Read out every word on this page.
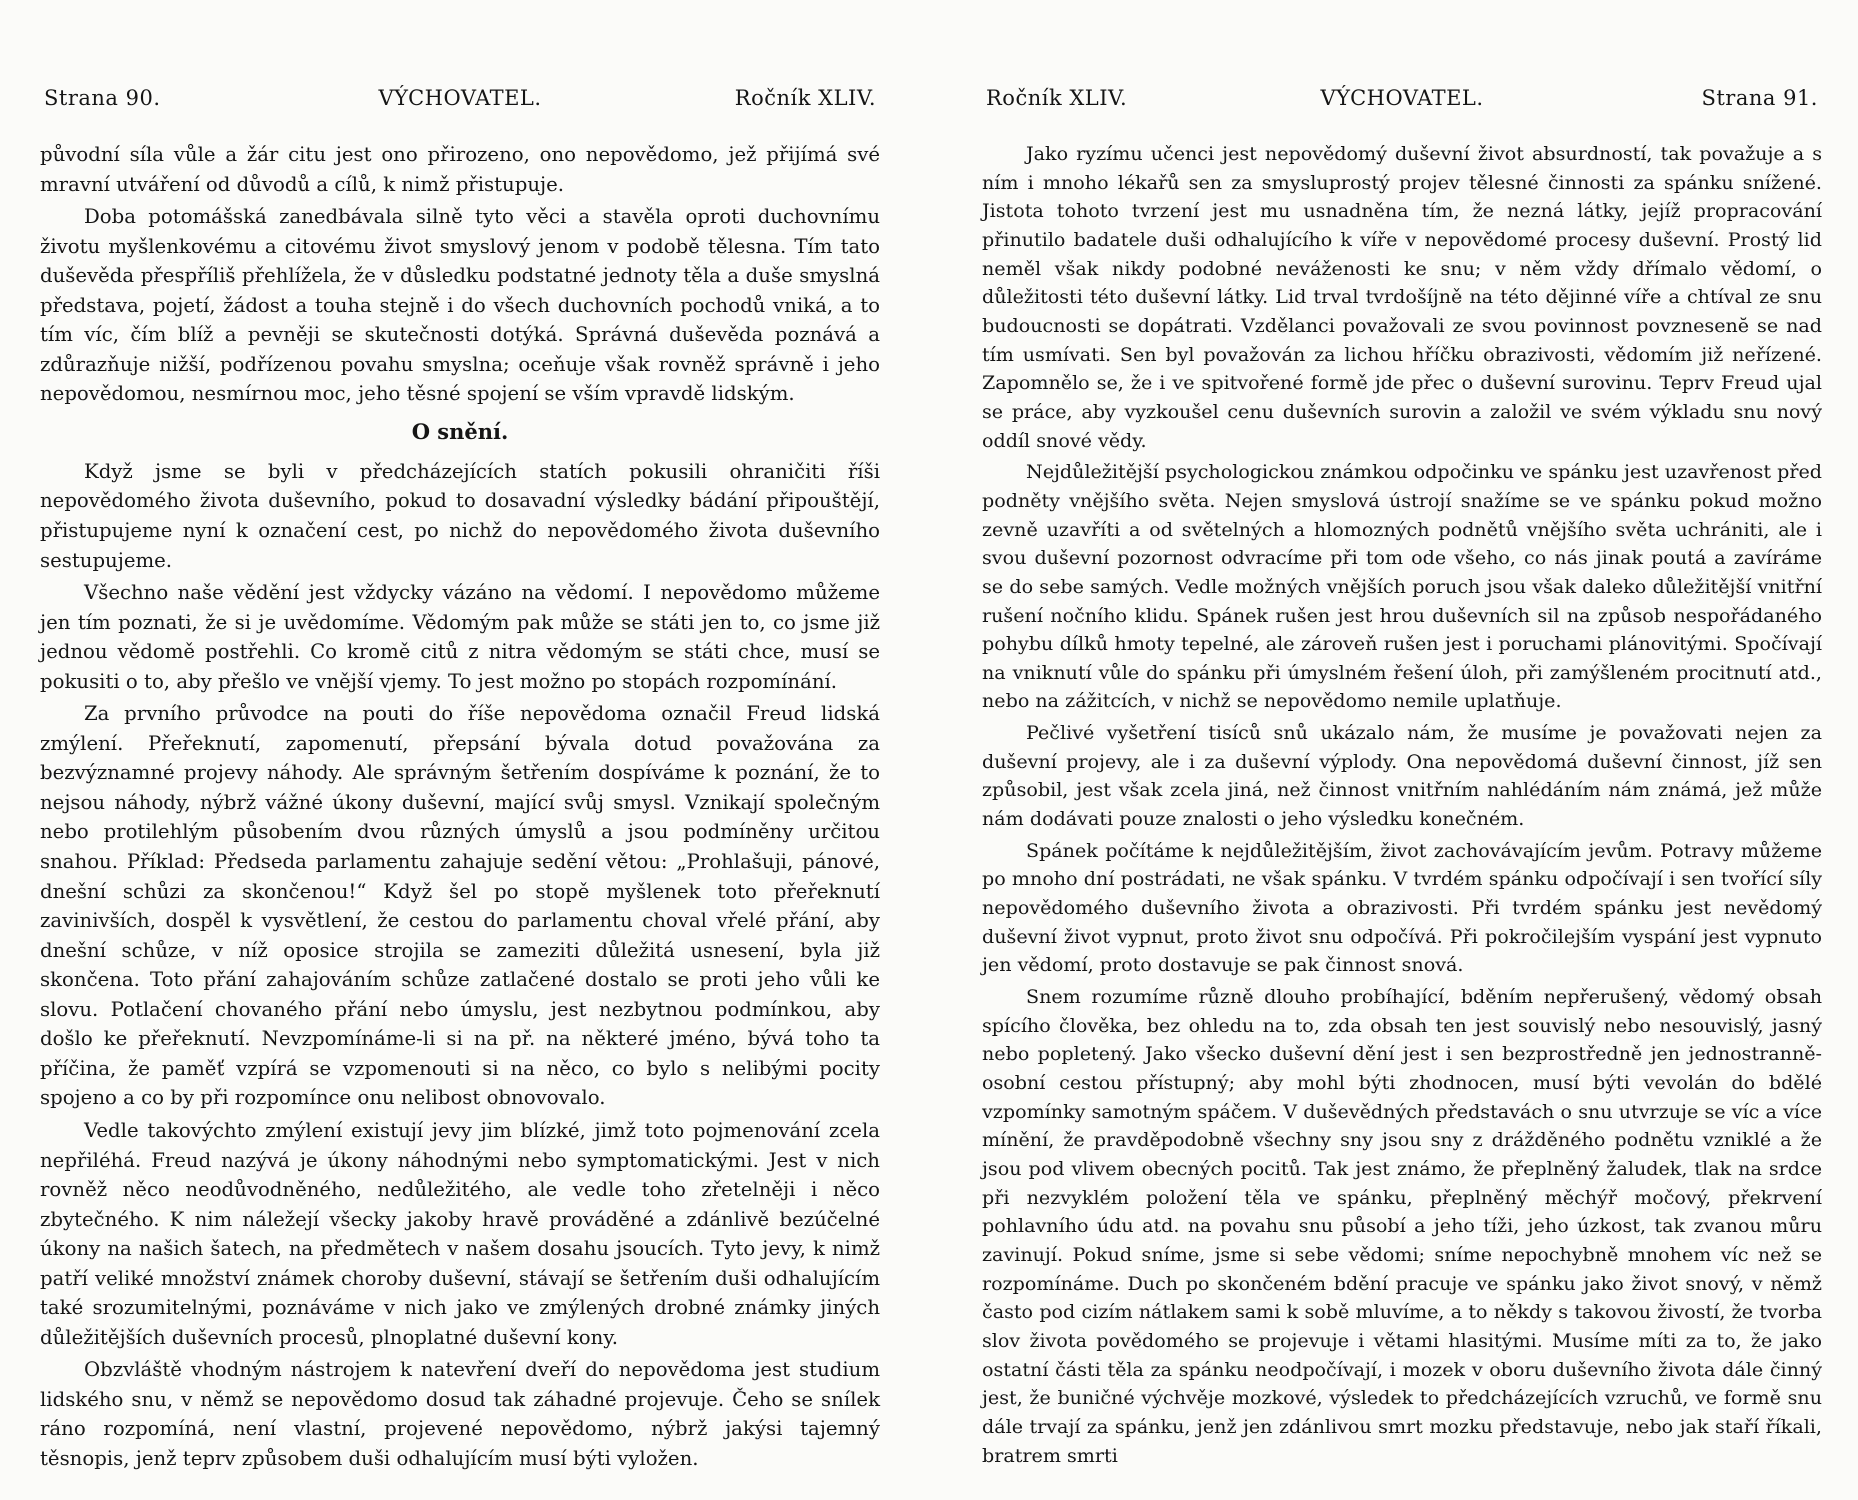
Strana 90.	VÝCHOVATEL.	Ročník XLIV.

původní síla vůle a žár citu jest ono přirozeno, ono nepovědomo, jež přijímá své mravní utváření od důvodů a cílů, k nimž přistupuje.

Doba potomášská zanedbávala silně tyto věci a stavěla oproti duchovnímu životu myšlenkovému a citovému život smyslový jenom v podobě tělesna. Tím tato duševěda přespříliš přehlížela, že v důsledku podstatné jednoty těla a duše smyslná představa, pojetí, žádost a touha stejně i do všech duchovních pochodů vniká, a to tím víc, čím blíž a pevněji se skutečnosti dotýká. Správná duševěda poznává a zdůrazňuje nižší, podřízenou povahu smyslna; oceňuje však rovněž správně i jeho nepovědomou, nesmírnou moc, jeho těsné spojení se vším vpravdě lidským.

O snění.

Když jsme se byli v předcházejících statích pokusili ohraničiti říši nepovědomého života duševního, pokud to dosavadní výsledky bádání připouštějí, přistupujeme nyní k označení cest, po nichž do nepovědomého života duševního sestupujeme.

Všechno naše vědění jest vždycky vázáno na vědomí. I nepovědomo můžeme jen tím poznati, že si je uvědomíme. Vědomým pak může se státi jen to, co jsme již jednou vědomě postřehli. Co kromě citů z nitra vědomým se státi chce, musí se pokusiti o to, aby přešlo ve vnější vjemy. To jest možno po stopách rozpomínání.

Za prvního průvodce na pouti do říše nepovědoma označil Freud lidská zmýlení. Přeřeknutí, zapomenutí, přepsání bývala dotud považována za bezvýznamné projevy náhody. Ale správným šetřením dospíváme k poznání, že to nejsou náhody, nýbrž vážné úkony duševní, mající svůj smysl. Vznikají společným nebo protilehlým působením dvou různých úmyslů a jsou podmíněny určitou snahou. Příklad: Předseda parlamentu zahajuje sedění větou: „Prohlašuji, pánové, dnešní schůzi za skončenou!“ Když šel po stopě myšlenek toto přeřeknutí zavinivších, dospěl k vysvětlení, že cestou do parlamentu choval vřelé přání, aby dnešní schůze, v níž oposice strojila se zameziti důležitá usnesení, byla již skončena. Toto přání zahajováním schůze zatlačené dostalo se proti jeho vůli ke slovu. Potlačení chovaného přání nebo úmyslu, jest nezbytnou podmínkou, aby došlo ke přeřeknutí. Nevzpomínáme-li si na př. na některé jméno, bývá toho ta příčina, že paměť vzpírá se vzpomenouti si na něco, co bylo s nelibými pocity spojeno a co by při rozpomínce onu nelibost obnovovalo.

Vedle takovýchto zmýlení existují jevy jim blízké, jimž toto pojmenování zcela nepřiléhá. Freud nazývá je úkony náhodnými nebo symptomatickými. Jest v nich rovněž něco neodůvodněného, nedůležitého, ale vedle toho zřetelněji i něco zbytečného. K nim náležejí všecky jakoby hravě prováděné a zdánlivě bezúčelné úkony na našich šatech, na předmětech v našem dosahu jsoucích. Tyto jevy, k nimž patří veliké množství známek choroby duševní, stávají se šetřením duši odhalujícím také srozumitelnými, poznáváme v nich jako ve zmýlených drobné známky jiných důležitějších duševních procesů, plnoplatné duševní kony.

Obzvláště vhodným nástrojem k natevření dveří do nepovědoma jest studium lidského snu, v němž se nepovědomo dosud tak záhadné projevuje. Čeho se snílek ráno rozpomíná, není vlastní, projevené nepovědomo, nýbrž jakýsi tajemný těsnopis, jenž teprv způsobem duši odhalujícím musí býti vyložen.

Ročník XLIV.	VÝCHOVATEL.	Strana 91.

Jako ryzímu učenci jest nepovědomý duševní život absurdností, tak považuje a s ním i mnoho lékařů sen za smysluprostý projev tělesné činnosti za spánku snížené. Jistota tohoto tvrzení jest mu usnadněna tím, že nezná látky, jejíž propracování přinutilo badatele duši odhalujícího k víře v nepovědomé procesy duševní. Prostý lid neměl však nikdy podobné neváženosti ke snu; v něm vždy dřímalo vědomí, o důležitosti této duševní látky. Lid trval tvrdošíjně na této dějinné víře a chtíval ze snu budoucnosti se dopátrati. Vzdělanci považovali ze svou povinnost povznesenĕ se nad tím usmívati. Sen byl považován za lichou hříčku obrazivosti, vědomím již neřízené. Zapomnělo se, že i ve spitvořené formě jde přec o duševní surovinu. Teprv Freud ujal se práce, aby vyzkoušel cenu duševních surovin a založil ve svém výkladu snu nový oddíl snové vědy.

Nejdůležitější psychologickou známkou odpočinku ve spánku jest uzavřenost před podněty vnějšího světa. Nejen smyslová ústrojí snažíme se ve spánku pokud možno zevně uzavříti a od světelných a hlomozných podnětů vnějšího světa uchrániti, ale i svou duševní pozornost odvracíme při tom ode všeho, co nás jinak poutá a zavíráme se do sebe samých. Vedle možných vnějších poruch jsou však daleko důležitější vnitřní rušení nočního klidu. Spánek rušen jest hrou duševních sil na způsob nespořádaného pohybu dílků hmoty tepelné, ale zároveň rušen jest i poruchami plánovitými. Spočívají na vniknutí vůle do spánku při úmyslném řešení úloh, při zamýšleném procitnutí atd., nebo na zážitcích, v nichž se nepovědomo nemile uplatňuje.

Pečlivé vyšetření tisíců snů ukázalo nám, že musíme je považovati nejen za duševní projevy, ale i za duševní výplody. Ona nepovědomá duševní činnost, jíž sen způsobil, jest však zcela jiná, než činnost vnitřním nahlédáním nám známá, jež může nám dodávati pouze znalosti o jeho výsledku konečném.

Spánek počítáme k nejdůležitějším, život zachovávajícím jevům. Potravy můžeme po mnoho dní postrádati, ne však spánku. V tvrdém spánku odpočívají i sen tvořící síly nepovědomého duševního života a obrazivosti. Při tvrdém spánku jest nevědomý duševní život vypnut, proto život snu odpočívá. Při pokročilejším vyspání jest vypnuto jen vědomí, proto dostavuje se pak činnost snová.

Snem rozumíme různě dlouho probíhající, bděním nepřerušený, vědomý obsah spícího člověka, bez ohledu na to, zda obsah ten jest souvislý nebo nesouvislý, jasný nebo popletený. Jako všecko duševní dění jest i sen bezprostředně jen jednostranně-osobní cestou přístupný; aby mohl býti zhodnocen, musí býti vevolán do bdělé vzpomínky samotným spáčem. V duševědných představách o snu utvrzuje se víc a více mínění, že pravděpodobně všechny sny jsou sny z drážděného podnětu vzniklé a že jsou pod vlivem obecných pocitů. Tak jest známo, že přeplněný žaludek, tlak na srdce při nezvyklém položení těla ve spánku, přeplněný měchýř močový, překrvení pohlavního údu atd. na povahu snu působí a jeho tíži, jeho úzkost, tak zvanou můru zavinují. Pokud sníme, jsme si sebe vědomi; sníme nepochybně mnohem víc než se rozpomínáme. Duch po skončeném bdění pracuje ve spánku jako život snový, v němž často pod cizím nátlakem sami k sobě mluvíme, a to někdy s takovou živostí, že tvorba slov života povědomého se projevuje i větami hlasitými. Musíme míti za to, že jako ostatní části těla za spánku neodpočívají, i mozek v oboru duševního života dále činný jest, že buničné výchvěje mozkové, výsledek to předcházejících vzruchů, ve formě snu dále trvají za spánku, jenž jen zdánlivou smrt mozku představuje, nebo jak staří říkali, bratrem smrti
